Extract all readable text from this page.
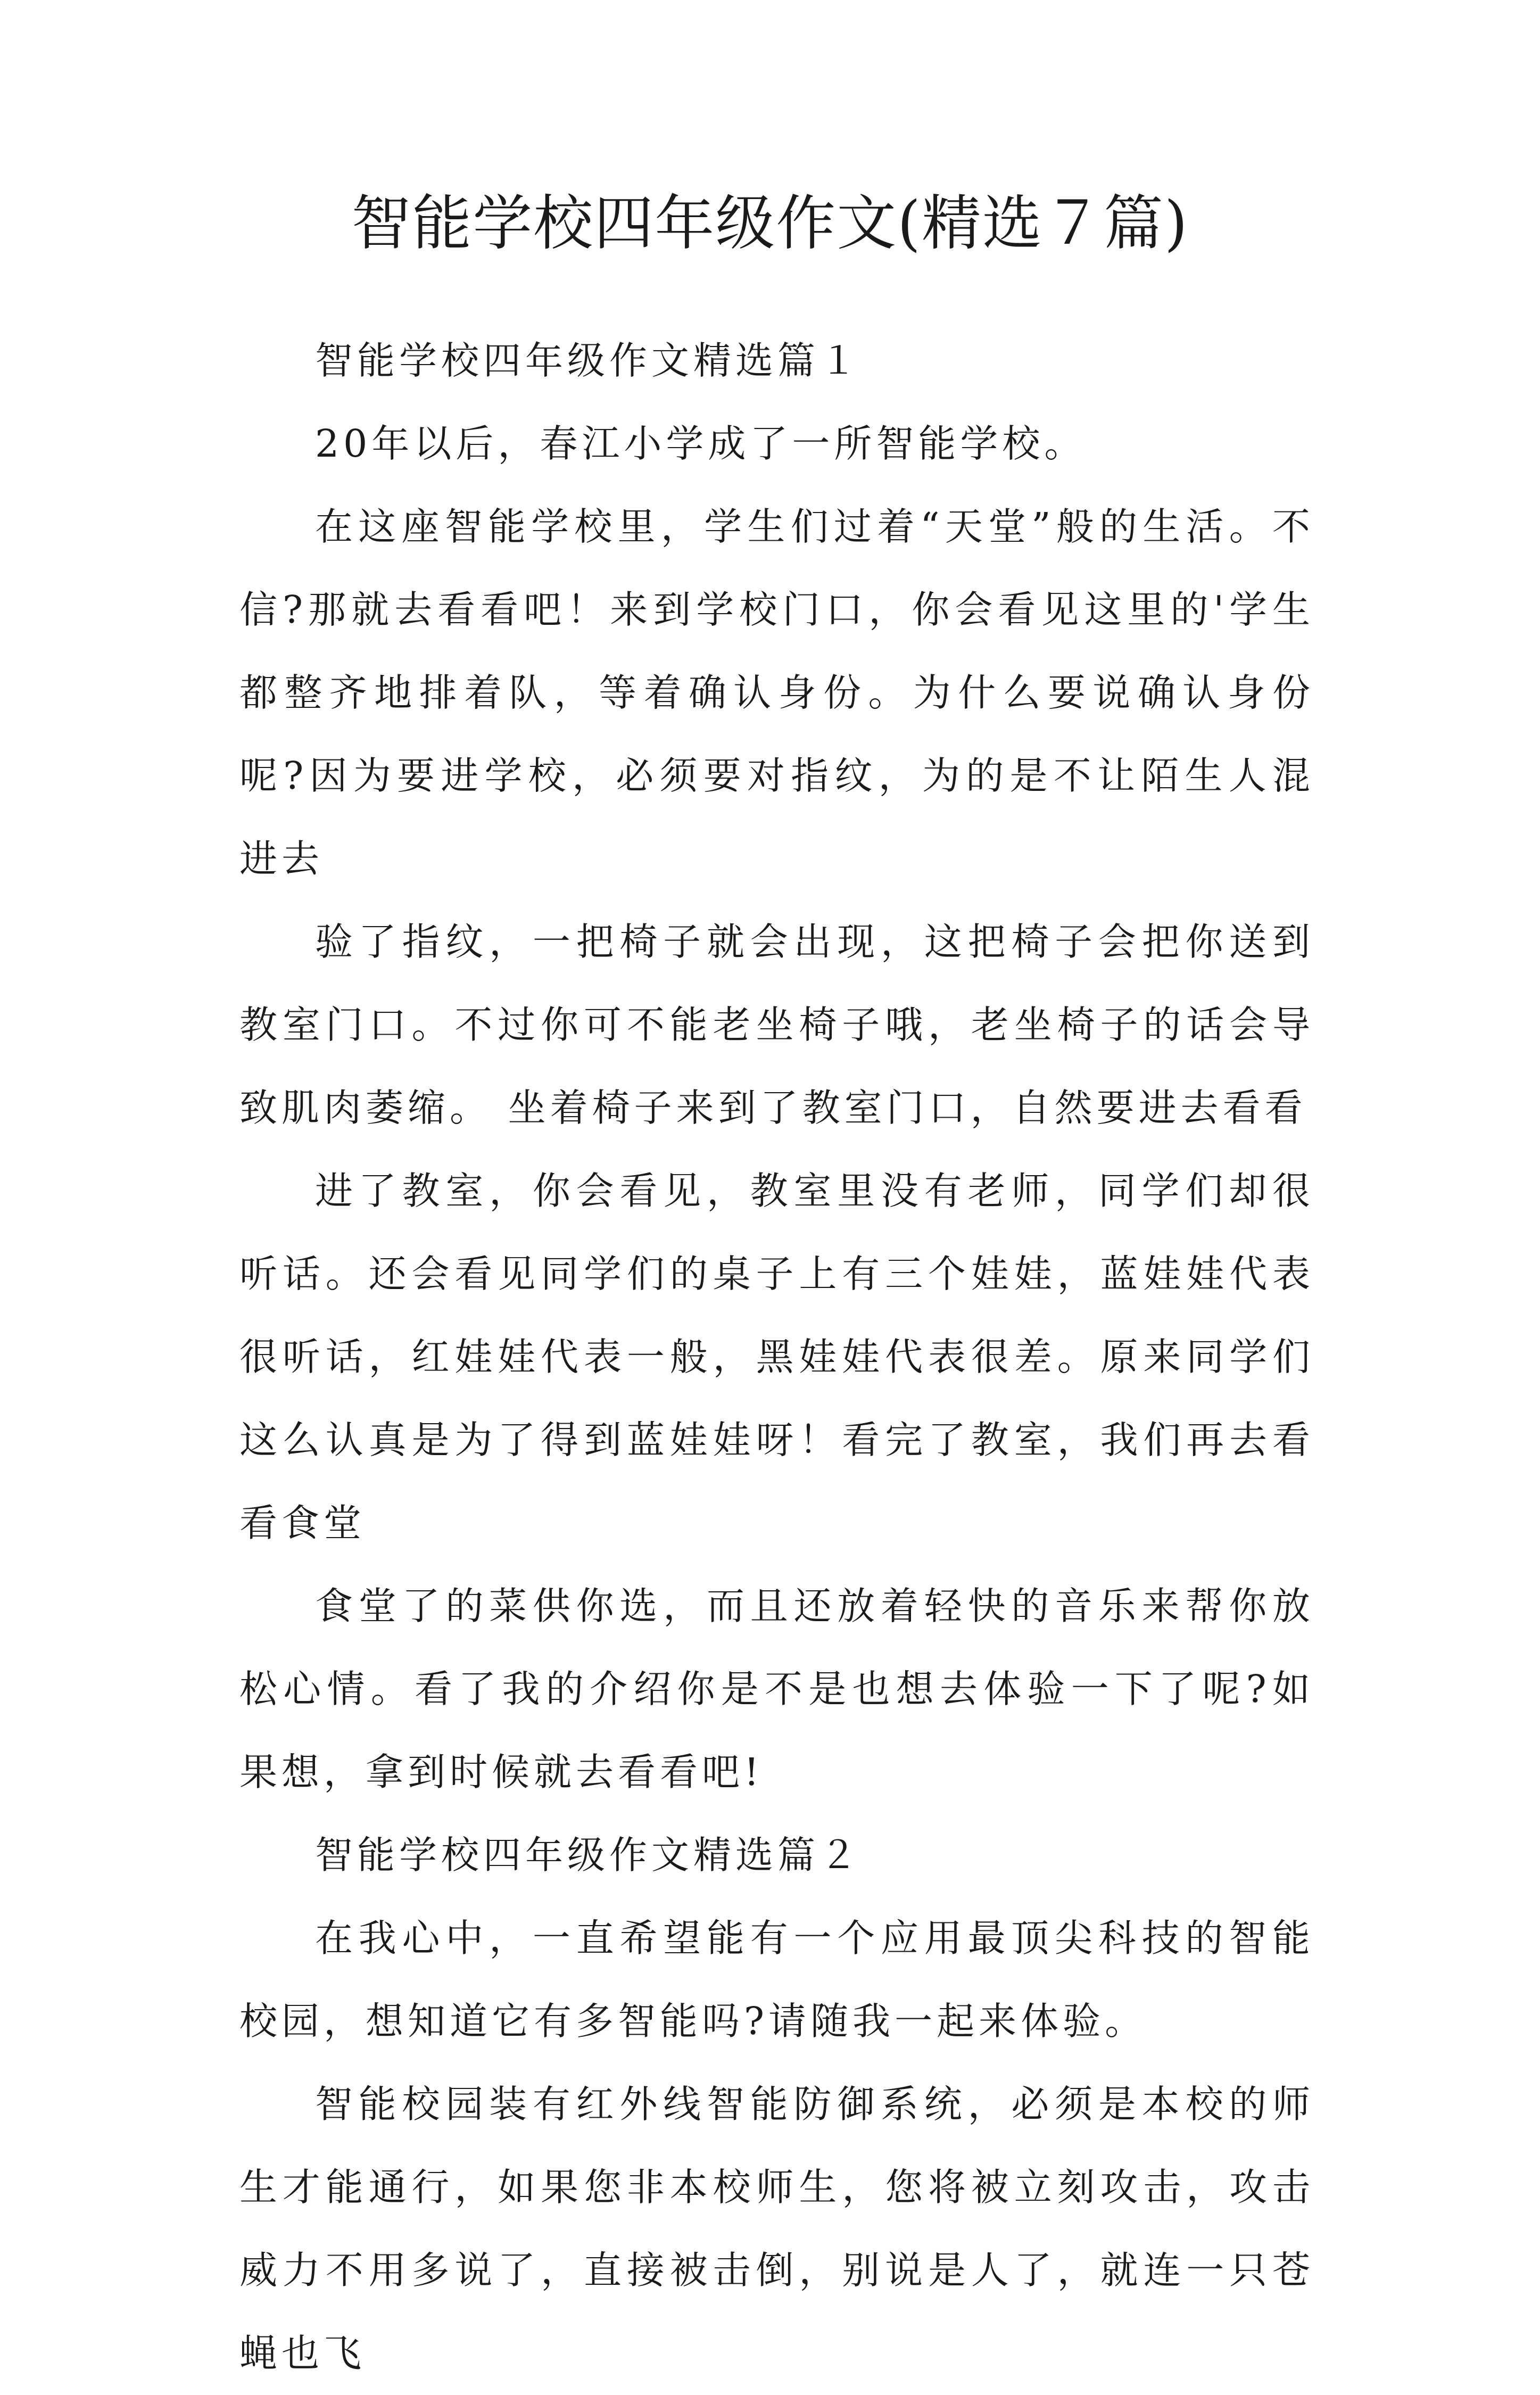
智能学校四年级作文(精选７篇)

智能学校四年级作文精选篇１

20年以后，春江小学成了一所智能学校。

在这座智能学校里，学生们过着“天堂”般的生活。不信?那就去看看吧！来到学校门口，你会看见这里的'学生都整齐地排着队，等着确认身份。为什么要说确认身份呢?因为要进学校，必须要对指纹，为的是不让陌生人混进去

验了指纹，一把椅子就会出现，这把椅子会把你送到教室门口。不过你可不能老坐椅子哦，老坐椅子的话会导致肌肉萎缩。 坐着椅子来到了教室门口，自然要进去看看

进了教室，你会看见，教室里没有老师，同学们却很听话。还会看见同学们的桌子上有三个娃娃，蓝娃娃代表很听话，红娃娃代表一般，黑娃娃代表很差。原来同学们这么认真是为了得到蓝娃娃呀！看完了教室，我们再去看看食堂

食堂了的菜供你选，而且还放着轻快的音乐来帮你放松心情。看了我的介绍你是不是也想去体验一下了呢?如果想，拿到时候就去看看吧!

智能学校四年级作文精选篇２

在我心中，一直希望能有一个应用最顶尖科技的智能校园，想知道它有多智能吗?请随我一起来体验。

智能校园装有红外线智能防御系统，必须是本校的师生才能通行，如果您非本校师生，您将被立刻攻击，攻击威力不用多说了，直接被击倒，别说是人了，就连一只苍蝇也飞
